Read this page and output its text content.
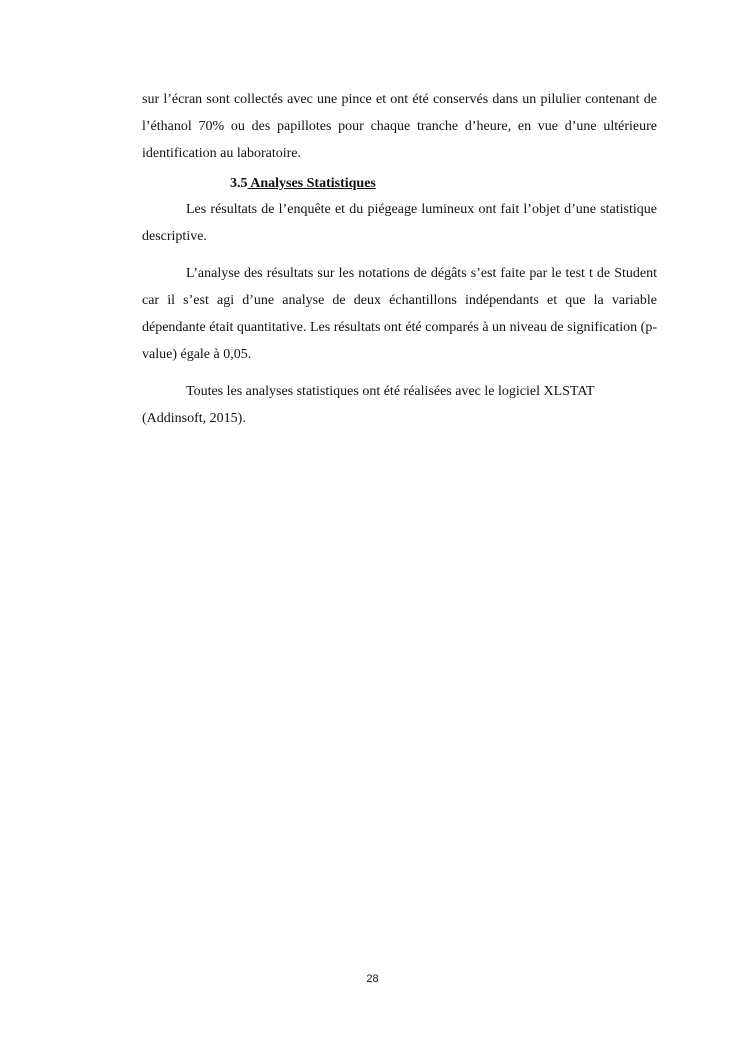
sur l’écran sont collectés avec une pince et ont été conservés dans un pilulier contenant de l’éthanol 70% ou des papillotes pour chaque tranche d’heure, en vue d’une ultérieure identification au laboratoire.

3.5 Analyses Statistiques

Les résultats de l’enquête et du piégeage lumineux ont fait l’objet d’une statistique descriptive.

L’analyse des résultats sur les notations de dégâts s’est faite par le test t de Student car il s’est agi d’une analyse de deux échantillons indépendants et que la variable dépendante était quantitative. Les résultats ont été comparés à un niveau de signification (p-value) égale à 0,05.

Toutes les analyses statistiques ont été réalisées avec le logiciel XLSTAT

(Addinsoft, 2015).

28
